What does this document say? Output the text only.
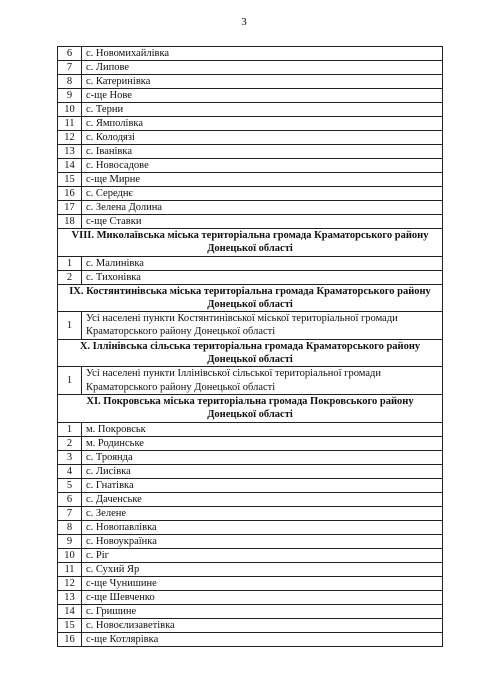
3
6	с. Новомихайлівка
7	с. Липове
8	с. Катеринівка
9	с-ще Нове
10	с. Терни
11	с. Ямполівка
12	с. Колодязі
13	с. Іванівка
14	с. Новосадове
15	с-ще Мирне
16	с. Середнє
17	с. Зелена Долина
18	с-ще Ставки
VIII. Миколаївська міська територіальна громада Краматорського району Донецької області	
1	с. Малинівка
2	с. Тихонівка
IX. Костянтинівська міська територіальна громада Краматорського району Донецької області	
1	Усі населені пункти Костянтинівської міської територіальної громади Краматорського району Донецької області
X. Іллінівська сільська територіальна громада Краматорського району Донецької області	
1	Усі населені пункти Іллінівської сільської територіальної громади Краматорського району Донецької області
XI. Покровська міська територіальна громада Покровського району Донецької області	
1	м. Покровськ
2	м. Родинське
3	с. Троянда
4	с. Лисівка
5	с. Гнатівка
6	с. Даченське
7	с. Зелене
8	с. Новопавлівка
9	с. Новоукраїнка
10	с. Ріг
11	с. Сухий Яр
12	с-ще Чунишине
13	с-ще Шевченко
14	с. Гришине
15	с. Новоєлизаветівка
16	с-ще Котлярівка
